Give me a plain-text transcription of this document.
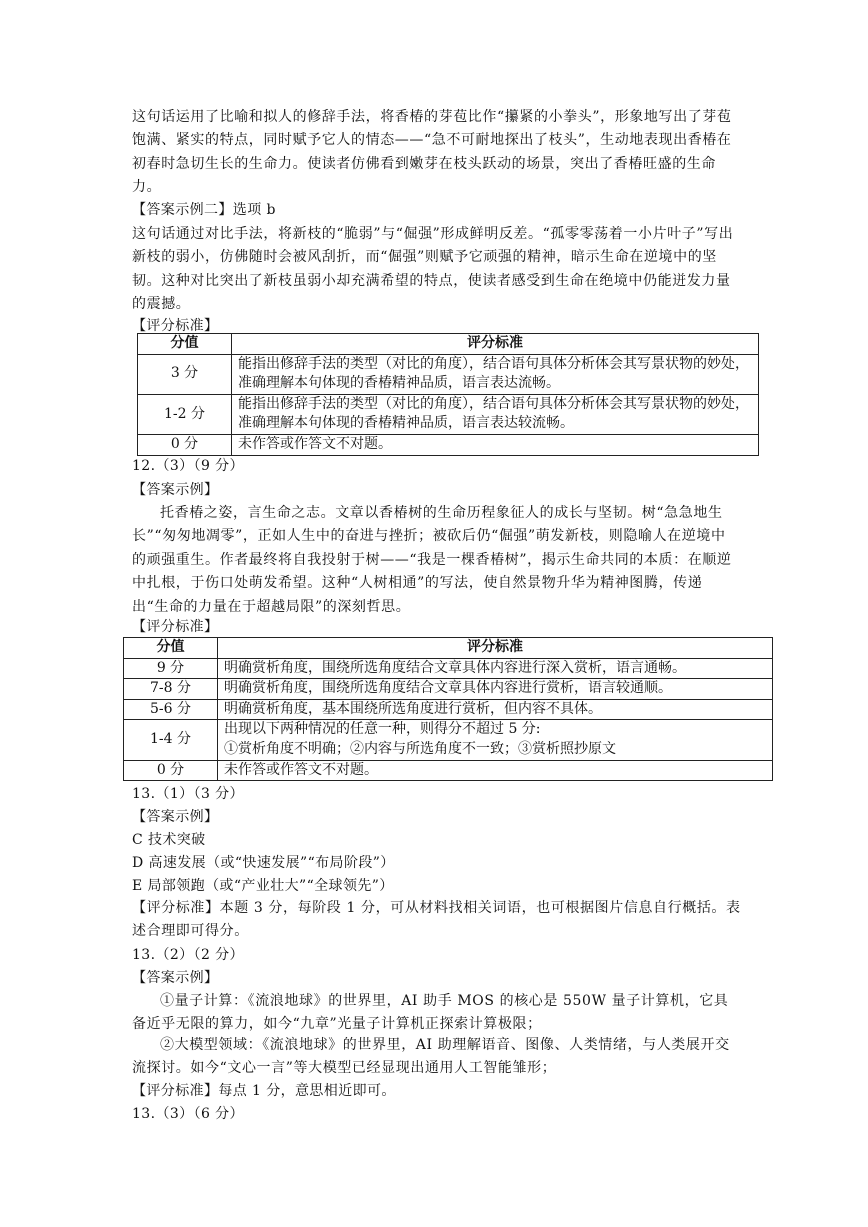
这句话运用了比喻和拟人的修辞手法，将香椿的芽苞比作“攥紧的小拳头”，形象地写出了芽苞饱满、紧实的特点，同时赋予它人的情态——“急不可耐地探出了枝头”，生动地表现出香椿在初春时急切生长的生命力。使读者仿佛看到嫩芽在枝头跃动的场景，突出了香椿旺盛的生命力。

【答案示例二】选项 b

这句话通过对比手法，将新枝的“脆弱”与“倔强”形成鲜明反差。“孤零零荡着一小片叶子”写出新枝的弱小，仿佛随时会被风刮折，而“倔强”则赋予它顽强的精神，暗示生命在逆境中的坚韧。这种对比突出了新枝虽弱小却充满希望的特点，使读者感受到生命在绝境中仍能迸发力量的震撼。

【评分标准】

分值	评分标准
3 分	能指出修辞手法的类型（对比的角度），结合语句具体分析体会其写景状物的妙处，准确理解本句体现的香椿精神品质，语言表达流畅。
1-2 分	能指出修辞手法的类型（对比的角度），结合语句具体分析体会其写景状物的妙处，准确理解本句体现的香椿精神品质，语言表达较流畅。
0 分	未作答或作答文不对题。

12.（3）（9 分）

【答案示例】

托香椿之姿，言生命之志。文章以香椿树的生命历程象征人的成长与坚韧。树“急急地生长”“匆匆地凋零”，正如人生中的奋进与挫折；被砍后仍“倔强”萌发新枝，则隐喻人在逆境中的顽强重生。作者最终将自我投射于树——“我是一棵香椿树”，揭示生命共同的本质：在顺逆中扎根，于伤口处萌发希望。这种“人树相通”的写法，使自然景物升华为精神图腾，传递出“生命的力量在于超越局限”的深刻哲思。

【评分标准】

分值	评分标准
9 分	明确赏析角度，围绕所选角度结合文章具体内容进行深入赏析，语言通畅。
7-8 分	明确赏析角度，围绕所选角度结合文章具体内容进行赏析，语言较通顺。
5-6 分	明确赏析角度，基本围绕所选角度进行赏析，但内容不具体。
1-4 分	出现以下两种情况的任意一种，则得分不超过 5 分:
①赏析角度不明确；②内容与所选角度不一致；③赏析照抄原文

0 分	未作答或作答文不对题。

13.（1）（3 分）

【答案示例】

C 技术突破

D 高速发展（或“快速发展”“布局阶段”）

E 局部领跑（或“产业壮大”“全球领先”）

【评分标准】本题 3 分，每阶段 1 分，可从材料找相关词语，也可根据图片信息自行概括。表述合理即可得分。

13.（2）（2 分）

【答案示例】

①量子计算：《流浪地球》的世界里，AI 助手 MOS 的核心是 550W 量子计算机，它具备近乎无限的算力，如今“九章”光量子计算机正探索计算极限；

②大模型领域：《流浪地球》的世界里，AI 助理解语音、图像、人类情绪，与人类展开交流探讨。如今“文心一言”等大模型已经显现出通用人工智能雏形；

【评分标准】每点 1 分，意思相近即可。

13.（3）（6 分）
